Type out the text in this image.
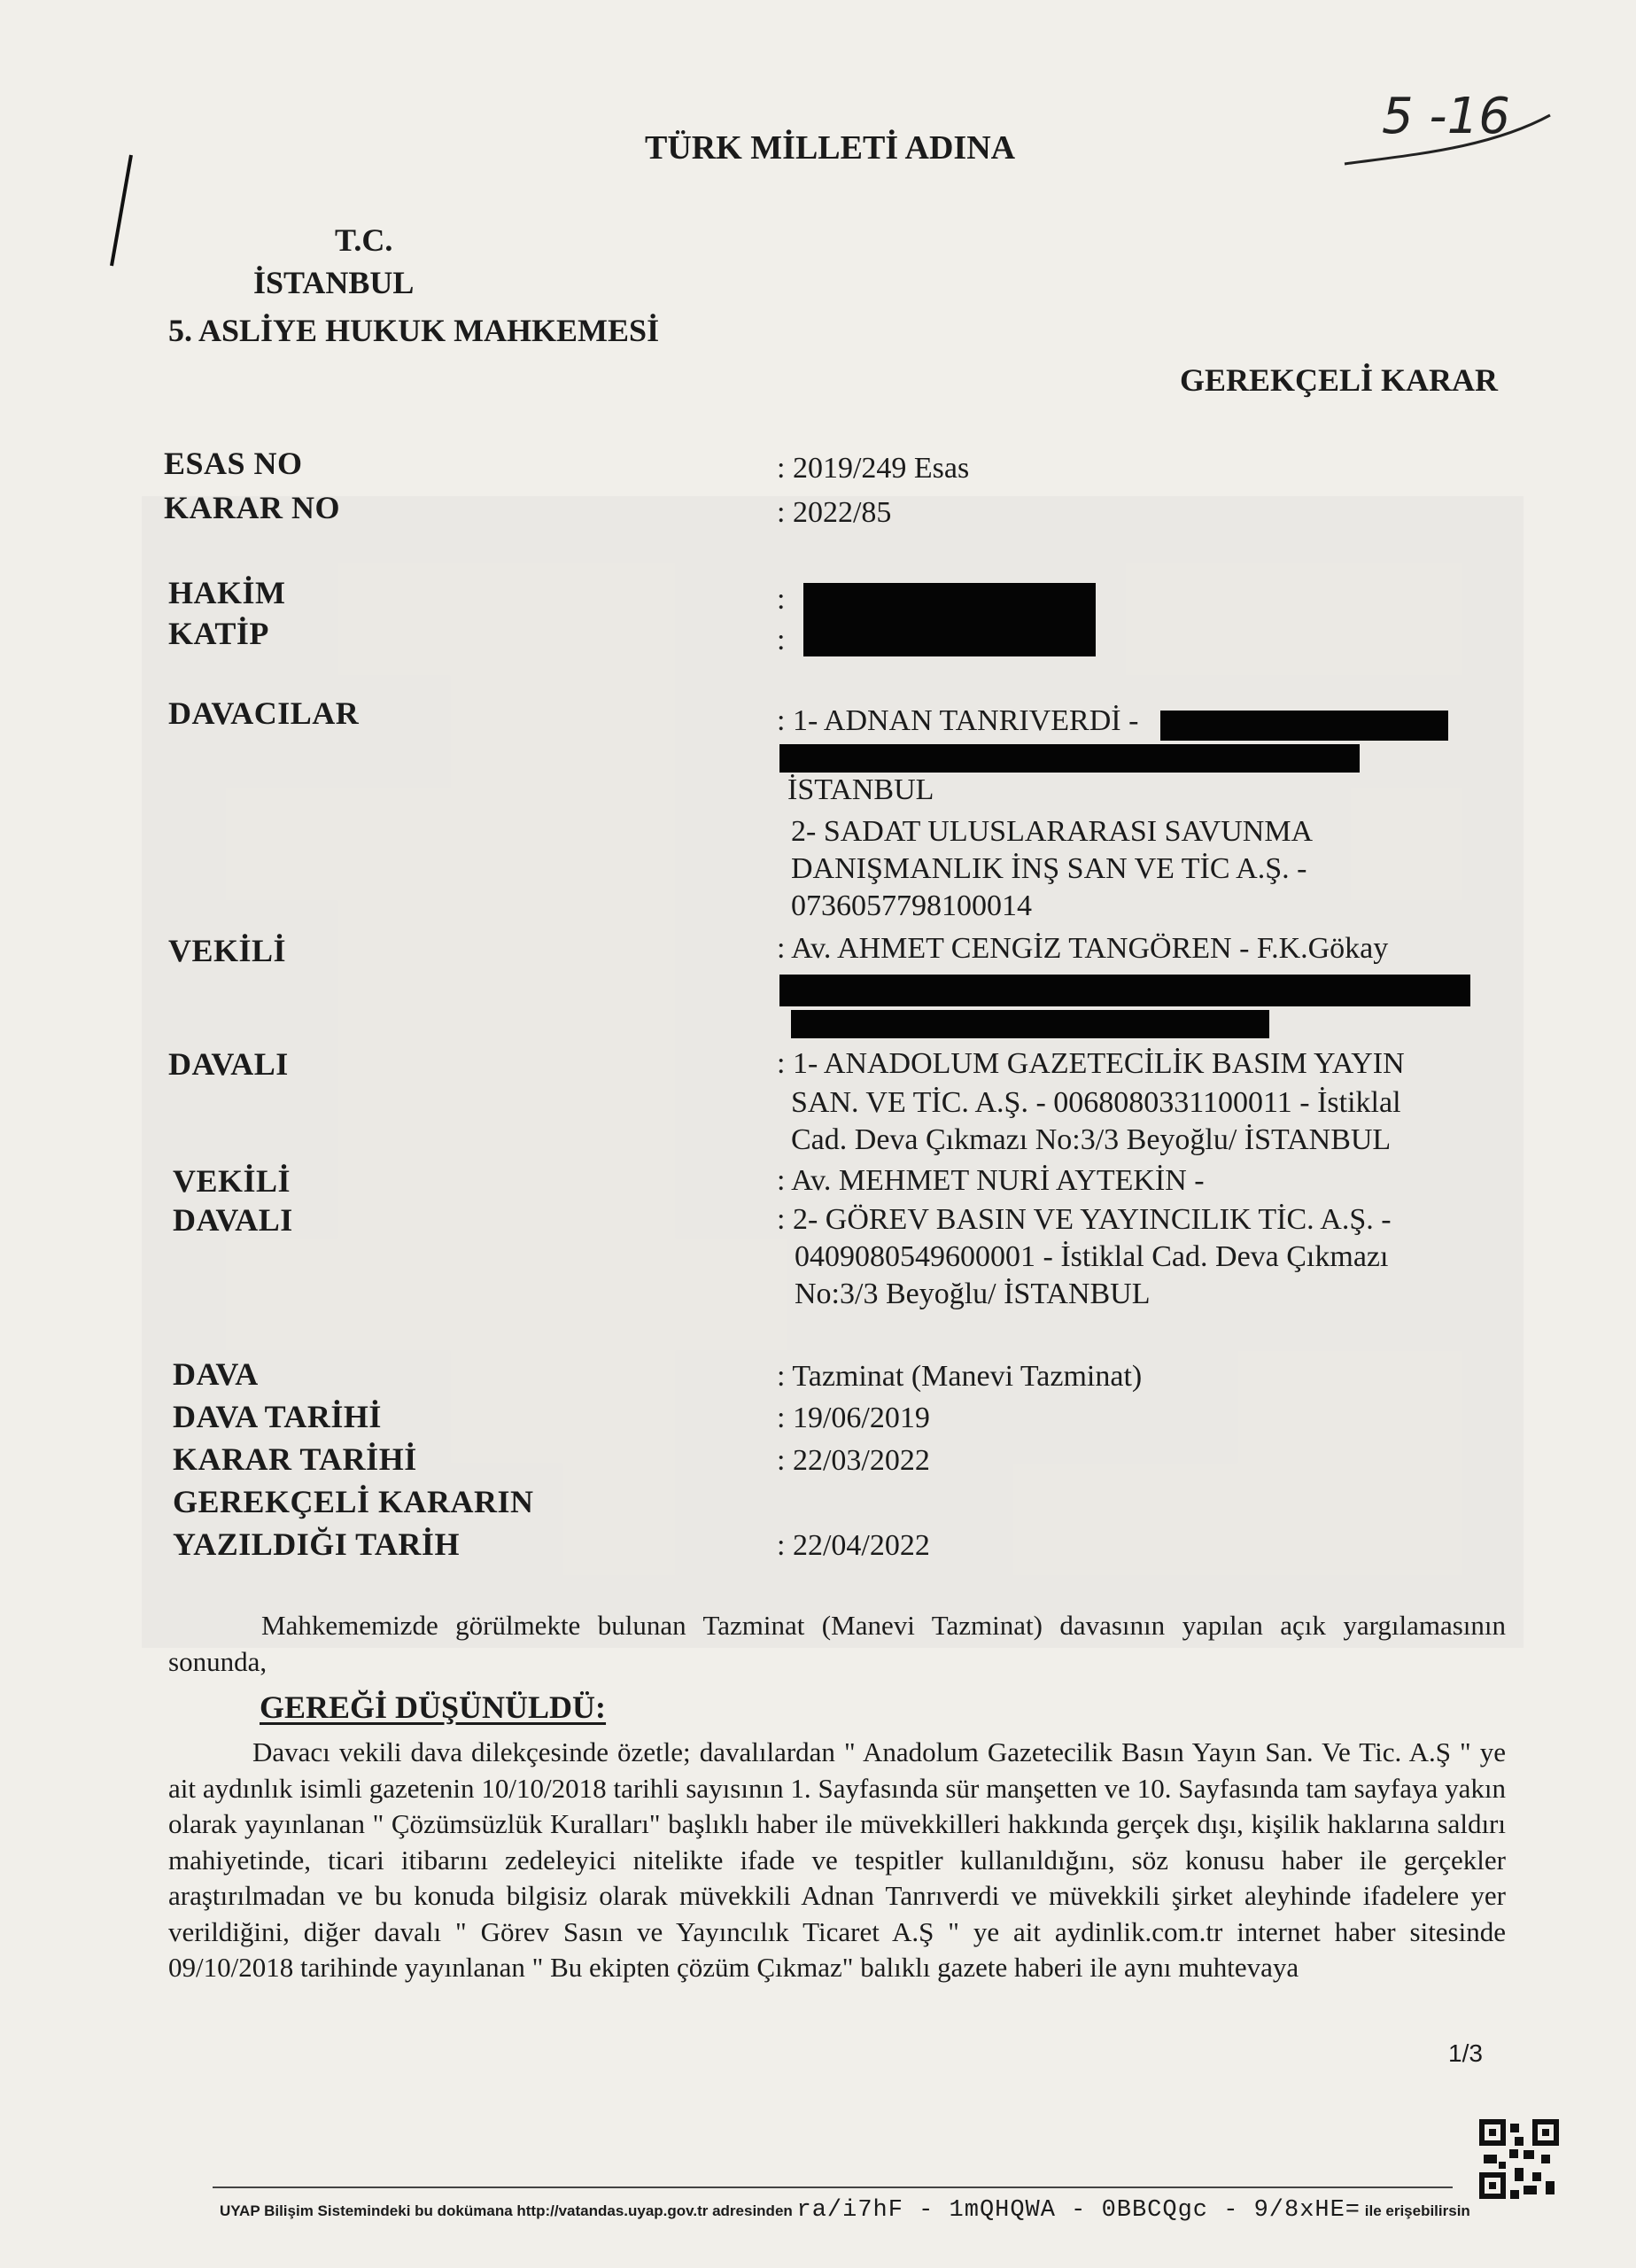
5 -16
TÜRK MİLLETİ ADINA
T.C.
İSTANBUL
5. ASLİYE HUKUK MAHKEMESİ
GEREKÇELİ KARAR
ESAS NO	: 2019/249 Esas
KARAR NO	: 2022/85
HAKİM	:
KATİP	:
DAVACILAR	: 1- ADNAN TANRIVERDİ -
İSTANBUL
2- SADAT ULUSLARARASI SAVUNMA
DANIŞMANLIK İNŞ SAN VE TİC A.Ş. -
0736057798100014
VEKİLİ	: Av. AHMET CENGİZ TANGÖREN - F.K.Gökay
DAVALI	: 1- ANADOLUM GAZETECİLİK BASIM YAYIN
SAN. VE TİC. A.Ş. - 0068080331100011 - İstiklal
Cad. Deva Çıkmazı No:3/3 Beyoğlu/ İSTANBUL
VEKİLİ	: Av. MEHMET NURİ AYTEKİN -
DAVALI	: 2- GÖREV BASIN VE YAYINCILIK TİC. A.Ş. -
0409080549600001 - İstiklal Cad. Deva Çıkmazı
No:3/3 Beyoğlu/ İSTANBUL
DAVA	: Tazminat (Manevi Tazminat)
DAVA TARİHİ	: 19/06/2019
KARAR TARİHİ	: 22/03/2022
GEREKÇELİ KARARIN
YAZILDIĞI TARİH	: 22/04/2022
Mahkememizde görülmekte bulunan Tazminat (Manevi Tazminat) davasının yapılan açık yargılamasının sonunda,
GEREĞİ DÜŞÜNÜLDÜ:
Davacı vekili dava dilekçesinde özetle; davalılardan " Anadolum Gazetecilik Basın Yayın San. Ve Tic. A.Ş " ye ait aydınlık isimli gazetenin 10/10/2018 tarihli sayısının 1. Sayfasında sür manşetten ve 10. Sayfasında tam sayfaya yakın olarak yayınlanan " Çözümsüzlük Kuralları" başlıklı haber ile müvekkilleri hakkında gerçek dışı, kişilik haklarına saldırı mahiyetinde, ticari itibarını zedeleyici nitelikte ifade ve tespitler kullanıldığını, söz konusu haber ile gerçekler araştırılmadan ve bu konuda bilgisiz olarak müvekkili Adnan Tanrıverdi ve müvekkili şirket aleyhinde ifadelere yer verildiğini, diğer davalı " Görev Sasın ve Yayıncılık Ticaret A.Ş " ye ait aydinlik.com.tr internet haber sitesinde 09/10/2018 tarihinde yayınlanan " Bu ekipten çözüm Çıkmaz" balıklı gazete haberi ile aynı muhtevaya
1/3
UYAP Bilişim Sistemindeki bu dokümana http://vatandas.uyap.gov.tr adresinden ra/i7hF - 1mQHQWA - 0BBCQgc - 9/8xHE= ile erişebilirsin
